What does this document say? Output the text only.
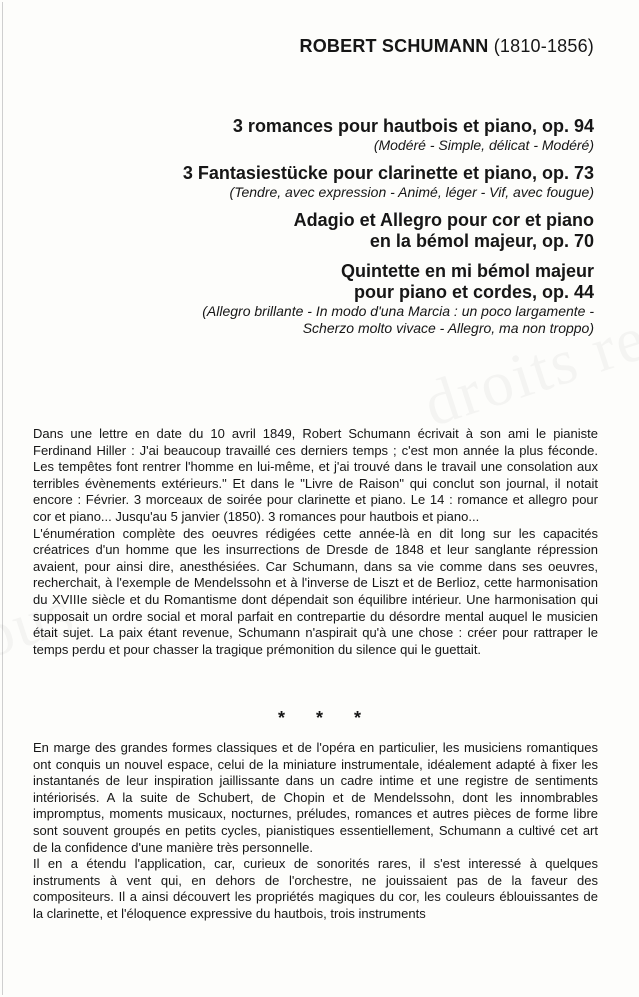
ROBERT SCHUMANN (1810-1856)
3 romances pour hautbois et piano, op. 94
(Modéré - Simple, délicat - Modéré)
3 Fantasiestücke pour clarinette et piano, op. 73
(Tendre, avec expression - Animé, léger - Vif, avec fougue)
Adagio et Allegro pour cor et piano
en la bémol majeur, op. 70
Quintette en mi bémol majeur
pour piano et cordes, op. 44
(Allegro brillante - In modo d'una Marcia : un poco largamente -
Scherzo molto vivace - Allegro, ma non troppo)

Dans une lettre en date du 10 avril 1849, Robert Schumann écrivait à son ami le pianiste Ferdinand Hiller : J'ai beaucoup travaillé ces derniers temps ; c'est mon année la plus féconde. Les tempêtes font rentrer l'homme en lui-même, et j'ai trouvé dans le travail une consolation aux terribles évènements extérieurs." Et dans le "Livre de Raison" qui conclut son journal, il notait encore : Février. 3 morceaux de soirée pour clarinette et piano. Le 14 : romance et allegro pour cor et piano... Jusqu'au 5 janvier (1850). 3 romances pour hautbois et piano...

L'énumération complète des oeuvres rédigées cette année-là en dit long sur les capacités créatrices d'un homme que les insurrections de Dresde de 1848 et leur sanglante répression avaient, pour ainsi dire, anesthésiées. Car Schumann, dans sa vie comme dans ses oeuvres, recherchait, à l'exemple de Mendelssohn et à l'inverse de Liszt et de Berlioz, cette harmonisation du XVIIIe siècle et du Romantisme dont dépendait son équilibre intérieur. Une harmonisation qui supposait un ordre social et moral parfait en contrepartie du désordre mental auquel le musicien était sujet. La paix étant revenue, Schumann n'aspirait qu'à une chose : créer pour rattraper le temps perdu et pour chasser la tragique prémonition du silence qui le guettait.

* * *

En marge des grandes formes classiques et de l'opéra en particulier, les musiciens romantiques ont conquis un nouvel espace, celui de la miniature instrumentale, idéalement adapté à fixer les instantanés de leur inspiration jaillissante dans un cadre intime et une registre de sentiments intériorisés. A la suite de Schubert, de Chopin et de Mendelssohn, dont les innombrables impromptus, moments musicaux, nocturnes, préludes, romances et autres pièces de forme libre sont souvent groupés en petits cycles, pianistiques essentiellement, Schumann a cultivé cet art de la confidence d'une manière très personnelle.

Il en a étendu l'application, car, curieux de sonorités rares, il s'est interessé à quelques instruments à vent qui, en dehors de l'orchestre, ne jouissaient pas de la faveur des compositeurs. Il a ainsi découvert les propriétés magiques du cor, les couleurs éblouissantes de la clarinette, et l'éloquence expressive du hautbois, trois instruments
